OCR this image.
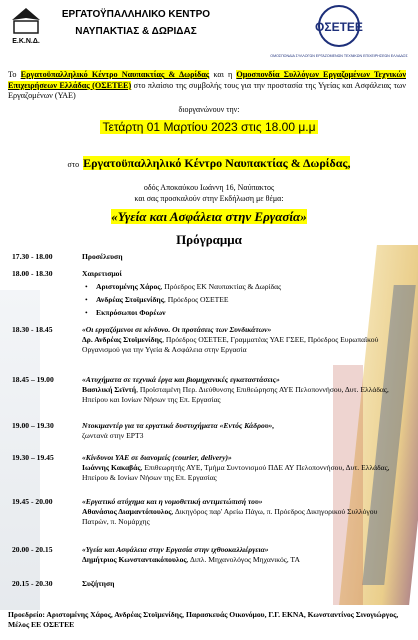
Ε.Κ.Ν.Δ.
ΕΡΓΑΤΟΫΠΑΛΛΗΛΙΚΟ ΚΕΝΤΡΟ
ΝΑΥΠΑΚΤΙΑΣ & ΔΩΡΙΔΑΣ	ΟΣΕΤΕΕ
ΟΜΟΣΠΟΝΔΙΑ ΣΥΛΛΟΓΩΝ ΕΡΓΑΖΟΜΕΝΩΝ ΤΕΧΝΙΚΩΝ ΕΠΙΧΕΙΡΗΣΕΩΝ ΕΛΛΑΔΟΣ
Το Εργατοϋπαλληλικό Κέντρο Ναυπακτίας & Δωρίδας και η Ομοσπονδία Συλλόγων Εργαζομένων Τεχνικών Επιχειρήσεων Ελλάδας (ΟΣΕΤΕΕ) στο πλαίσιο της συμβολής τους για την προστασία της Υγείας και Ασφάλειας των Εργαζομένων (ΥΑΕ)
διοργανώνουν την:
Τετάρτη 01 Μαρτίου 2023 στις 18.00 μ.μ
στο Εργατοϋπαλληλικό Κέντρο Ναυπακτίας & Δωρίδας,
οδός Αποκαύκου Ιωάννη 16, Ναύπακτος
και σας προσκαλούν στην Εκδήλωση με θέμα:
«Υγεία και Ασφάλεια στην Εργασία»
Πρόγραμμα
17.30 - 18.00	Προσέλευση
18.00 - 18.30	Χαιρετισμοί
• Αριστομένης Χάρος, Πρόεδρος ΕΚ Ναυπακτίας & Δωρίδας
• Ανδρέας Στοϊμενίδης, Πρόεδρος ΟΣΕΤΕΕ
• Εκπρόσωποι Φορέων
18.30 - 18.45	«Οι εργαζόμενοι σε κίνδυνο. Οι προτάσεις των Συνδικάτων»
Δρ. Ανδρέας Στοϊμενίδης, Πρόεδρος ΟΣΕΤΕΕ, Γραμματέας ΥΑΕ ΓΣΕΕ, Πρόεδρος Ευρωπαϊκού Οργανισμού για την Υγεία & Ασφάλεια στην Εργασία
18.45 – 19.00	«Ατυχήματα σε τεχνικά έργα και βιομηχανικές εγκαταστάσεις»
Βασιλική Σεϊντή, Προϊσταμένη Περ. Διεύθυνσης Επιθεώρησης ΑΥΕ Πελοποννήσου, Δυτ. Ελλάδας, Ηπείρου και Ιονίων Νήσων της Επ. Εργασίας
19.00 – 19.30	Ντοκιμαντέρ για τα εργατικά δυστυχήματα «Εντός Κάδρου»,
ζωντανά στην ΕΡΤ3
19.30 – 19.45	«Κίνδυνοι ΥΑΕ σε διανομείς (courier, delivery)»
Ιωάννης Κακαβάς, Επιθεωρητής ΑΥΕ, Τμήμα Συντονισμού ΠΔΕ ΑΥ Πελοποννήσου, Δυτ. Ελλάδας, Ηπείρου & Ιονίων Νήσων της Επ. Εργασίας
19.45 - 20.00	«Εργατικό ατύχημα και η νομοθετική αντιμετώπισή του»
Αθανάσιος Διαμαντόπουλος, Δικηγόρος παρ' Αρείω Πάγω, π. Πρόεδρος Δικηγορικού Συλλόγου Πατρών, π. Νομάρχης
20.00 - 20.15	«Υγεία και Ασφάλεια στην Εργασία στην ιχθυοκαλλιέργεια»
Δημήτριος Κωνσταντακόπουλος, Διπλ. Μηχανολόγος Μηχανικός, ΤΑ
20.15 - 20.30	Συζήτηση
Προεδρείο: Αριστομένης Χάρος, Ανδρέας Στοϊμενίδης, Παρασκευάς Οικονόμου, Γ.Γ. ΕΚΝΑ, Κωνσταντίνος Σινογιώργος, Μέλος ΕΕ ΟΣΕΤΕΕ
